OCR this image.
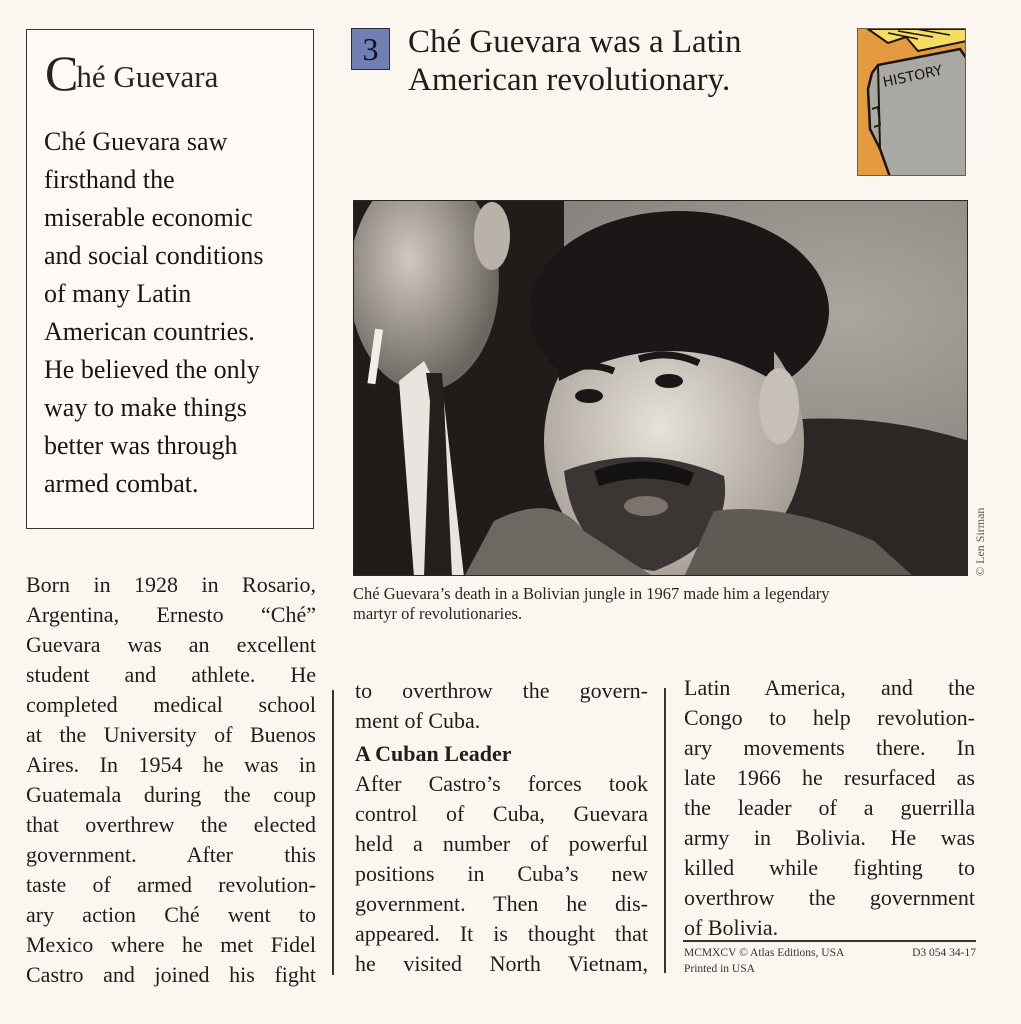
Ché Guevara
Ché Guevara saw
firsthand the
miserable economic
and social conditions
of many Latin
American countries.
He believed the only
way to make things
better was through
armed combat.
3 Ché Guevara was a Latin
American revolutionary.	HISTORY
© Len Sirman
Ché Guevara’s death in a Bolivian jungle in 1967 made him a legendary
martyr of revolutionaries.
Born in 1928 in Rosario,
Argentina, Ernesto “Ché”
Guevara was an excellent
student and athlete. He
completed medical school
at the University of Buenos
Aires. In 1954 he was in
Guatemala during the coup
that overthrew the elected
government. After this
taste of armed revolution-
ary action Ché went to
Mexico where he met Fidel
Castro and joined his fight
to overthrow the govern-
ment of Cuba.
A Cuban Leader
After Castro’s forces took
control of Cuba, Guevara
held a number of powerful
positions in Cuba’s new
government. Then he dis-
appeared. It is thought that
he visited North Vietnam,
Latin America, and the
Congo to help revolution-
ary movements there. In
late 1966 he resurfaced as
the leader of a guerrilla
army in Bolivia. He was
killed while fighting to
overthrow the government
of Bolivia.
MCMXCV © Atlas Editions, USA	D3 054 34-17
Printed in USA
